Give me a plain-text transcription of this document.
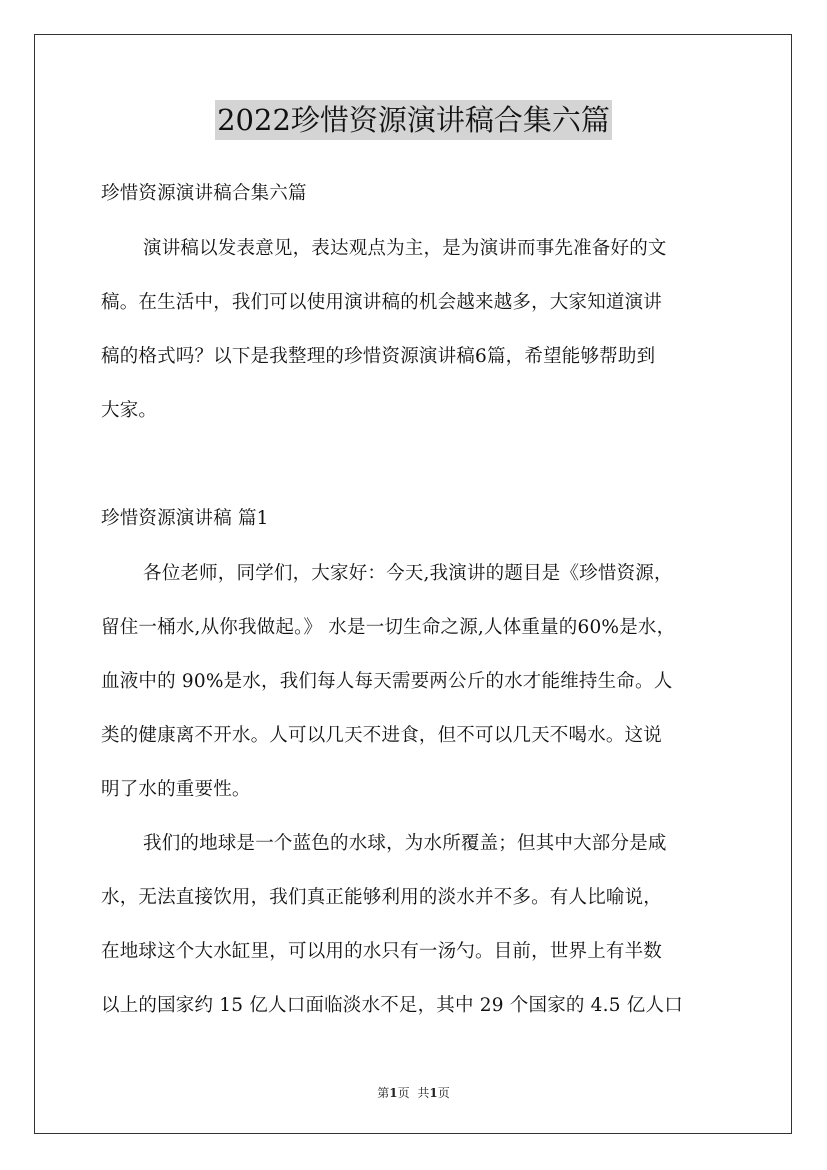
2022珍惜资源演讲稿合集六篇
珍惜资源演讲稿合集六篇
演讲稿以发表意见，表达观点为主，是为演讲而事先准备好的文
稿。在生活中，我们可以使用演讲稿的机会越来越多，大家知道演讲
稿的格式吗？以下是我整理的珍惜资源演讲稿6篇，希望能够帮助到
大家。
珍惜资源演讲稿 篇1
各位老师，同学们，大家好：今天,我演讲的题目是《珍惜资源，
留住一桶水,从你我做起。》 水是一切生命之源,人体重量的60%是水，
血液中的 90%是水，我们每人每天需要两公斤的水才能维持生命。人
类的健康离不开水。人可以几天不进食，但不可以几天不喝水。这说
明了水的重要性。
我们的地球是一个蓝色的水球，为水所覆盖；但其中大部分是咸
水，无法直接饮用，我们真正能够利用的淡水并不多。有人比喻说，
在地球这个大水缸里，可以用的水只有一汤勺。目前，世界上有半数
以上的国家约 15 亿人口面临淡水不足，其中 29 个国家的 4.5 亿人口
第1页 共1页
